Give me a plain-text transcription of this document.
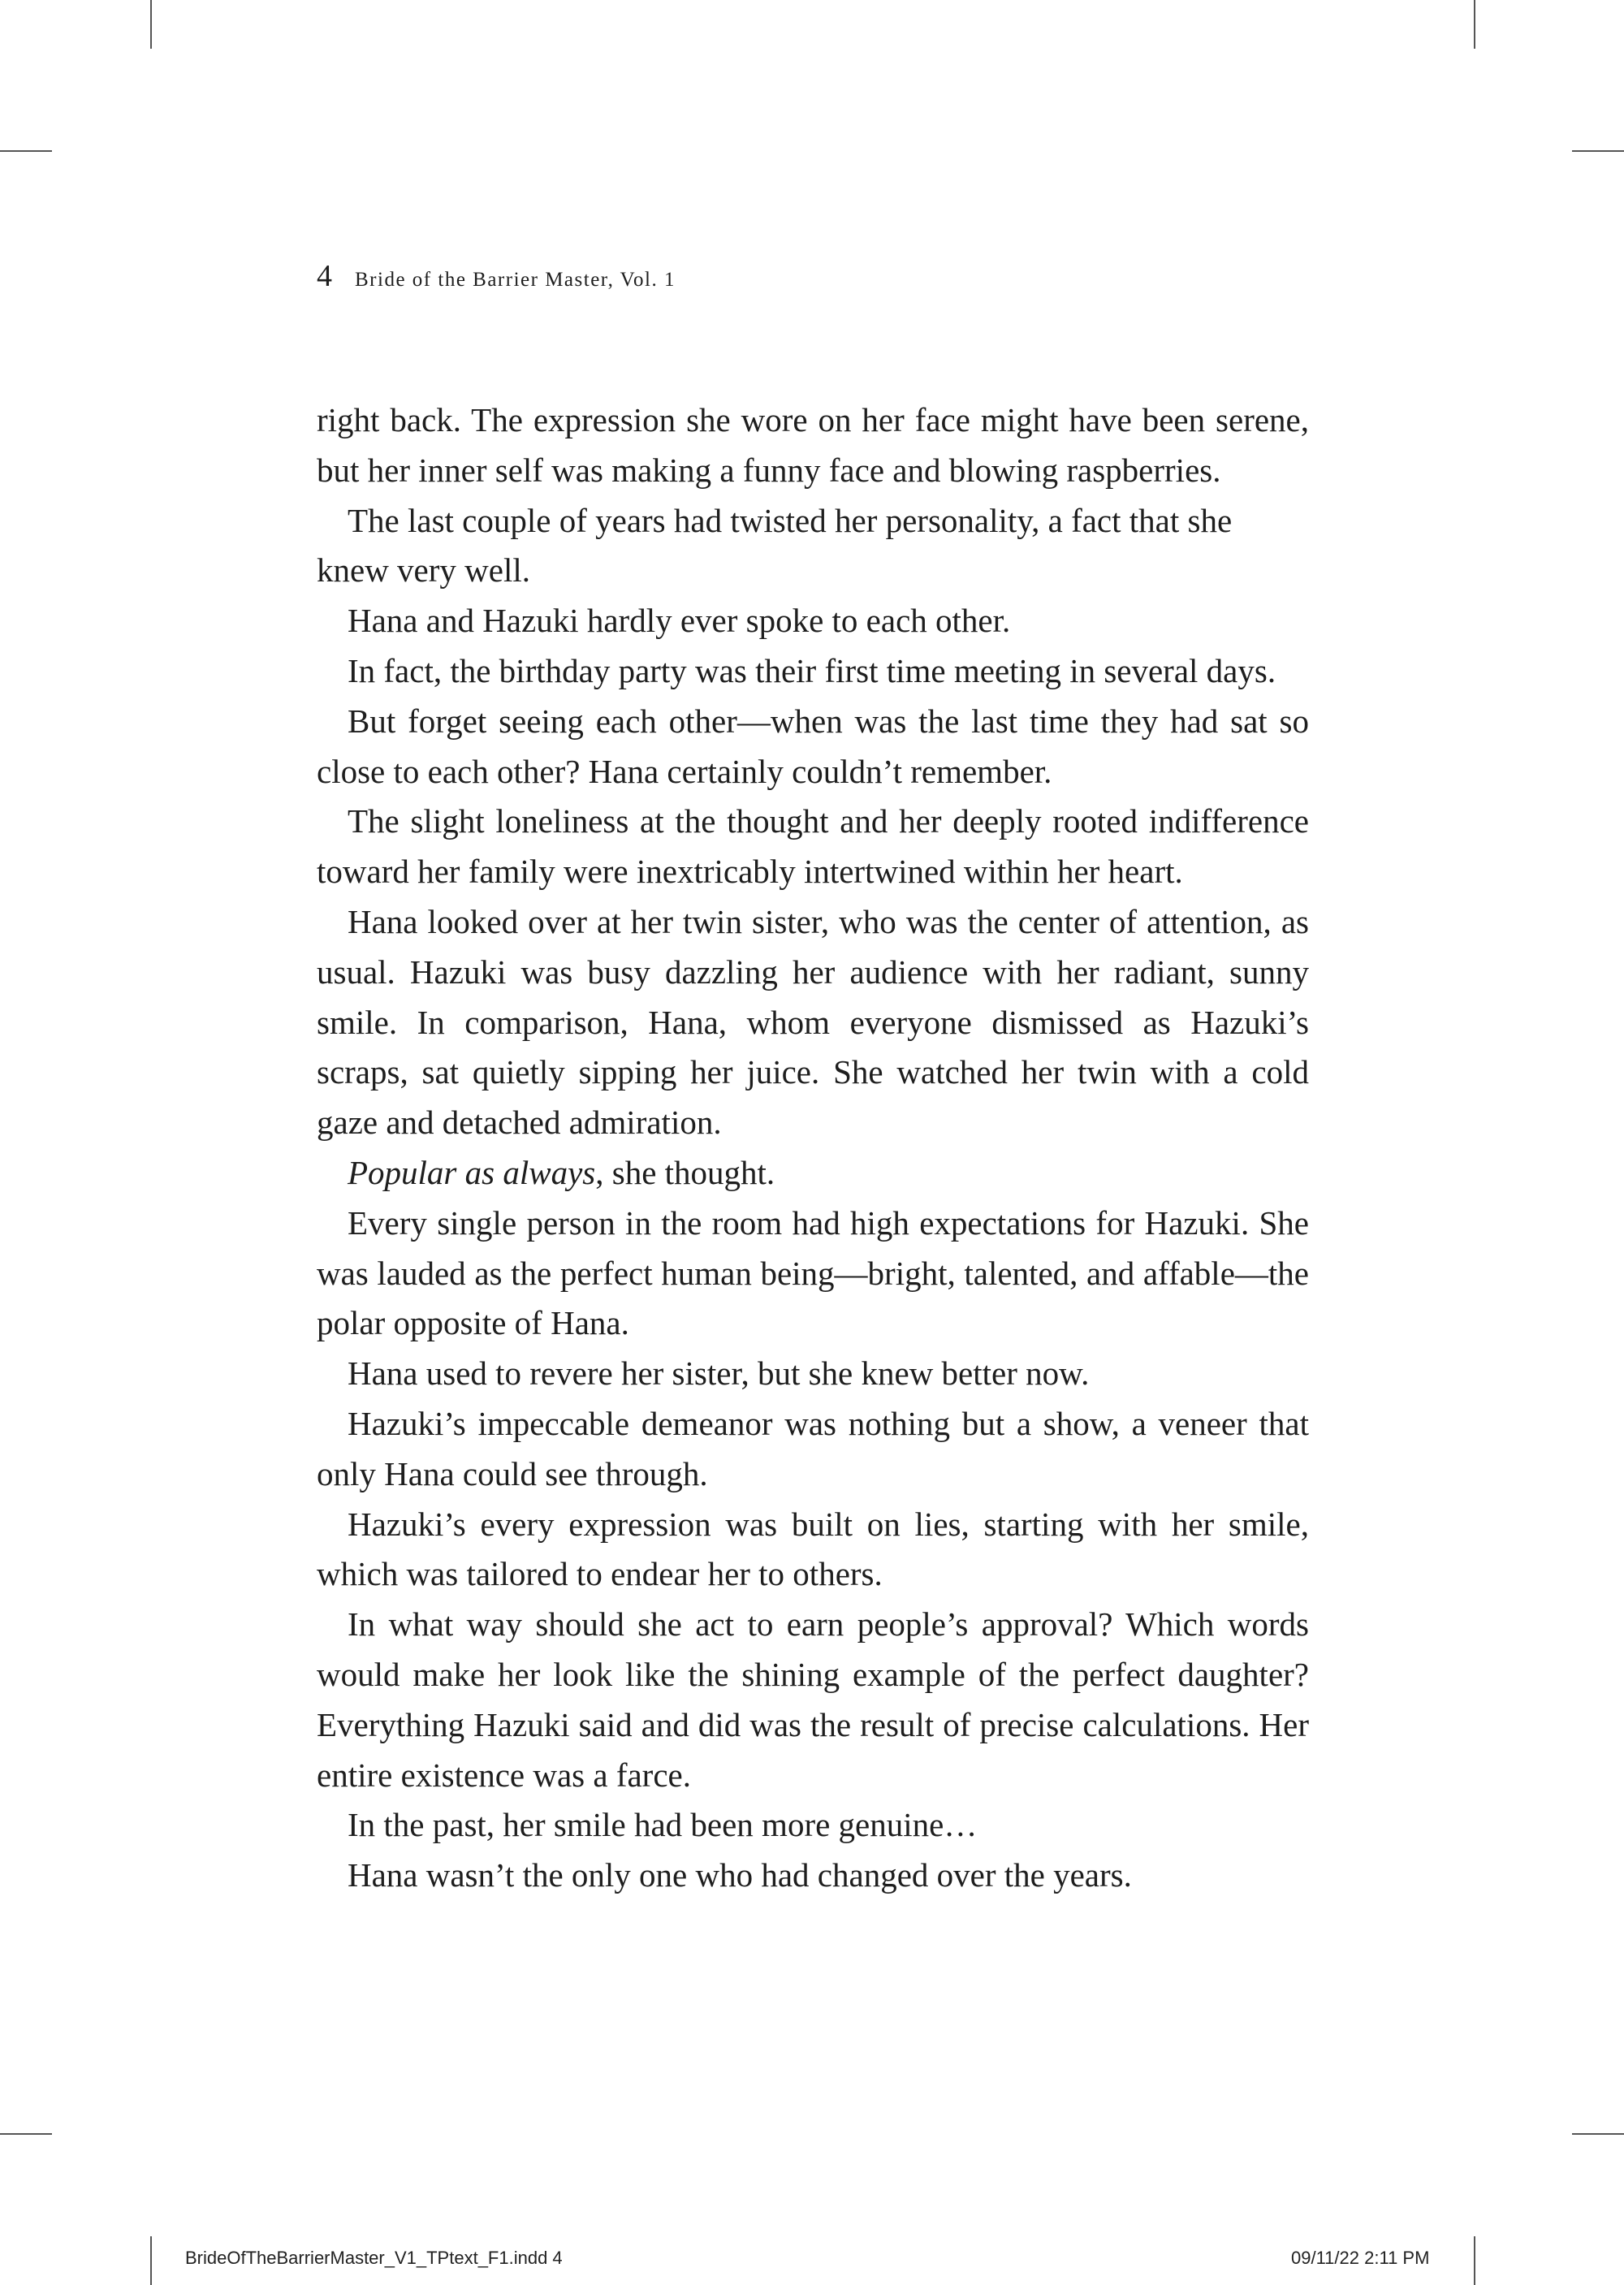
4 Bride of the Barrier Master, Vol. 1

right back. The expression she wore on her face might have been serene, but her inner self was making a funny face and blowing raspberries.

The last couple of years had twisted her personality, a fact that she knew very well.

Hana and Hazuki hardly ever spoke to each other.

In fact, the birthday party was their first time meeting in several days.

But forget seeing each other—when was the last time they had sat so close to each other? Hana certainly couldn’t remember.

The slight loneliness at the thought and her deeply rooted indifference toward her family were inextricably intertwined within her heart.

Hana looked over at her twin sister, who was the center of attention, as usual. Hazuki was busy dazzling her audience with her radiant, sunny smile. In comparison, Hana, whom everyone dismissed as Hazuki’s scraps, sat quietly sipping her juice. She watched her twin with a cold gaze and detached admiration.

Popular as always, she thought.

Every single person in the room had high expectations for Hazuki. She was lauded as the perfect human being—bright, talented, and affable—the polar opposite of Hana.

Hana used to revere her sister, but she knew better now.

Hazuki’s impeccable demeanor was nothing but a show, a veneer that only Hana could see through.

Hazuki’s every expression was built on lies, starting with her smile, which was tailored to endear her to others.

In what way should she act to earn people’s approval? Which words would make her look like the shining example of the perfect daughter? Everything Hazuki said and did was the result of precise calculations. Her entire existence was a farce.

In the past, her smile had been more genuine…

Hana wasn’t the only one who had changed over the years.

BrideOfTheBarrierMaster_V1_TPtext_F1.indd 4	09/11/22 2:11 PM
